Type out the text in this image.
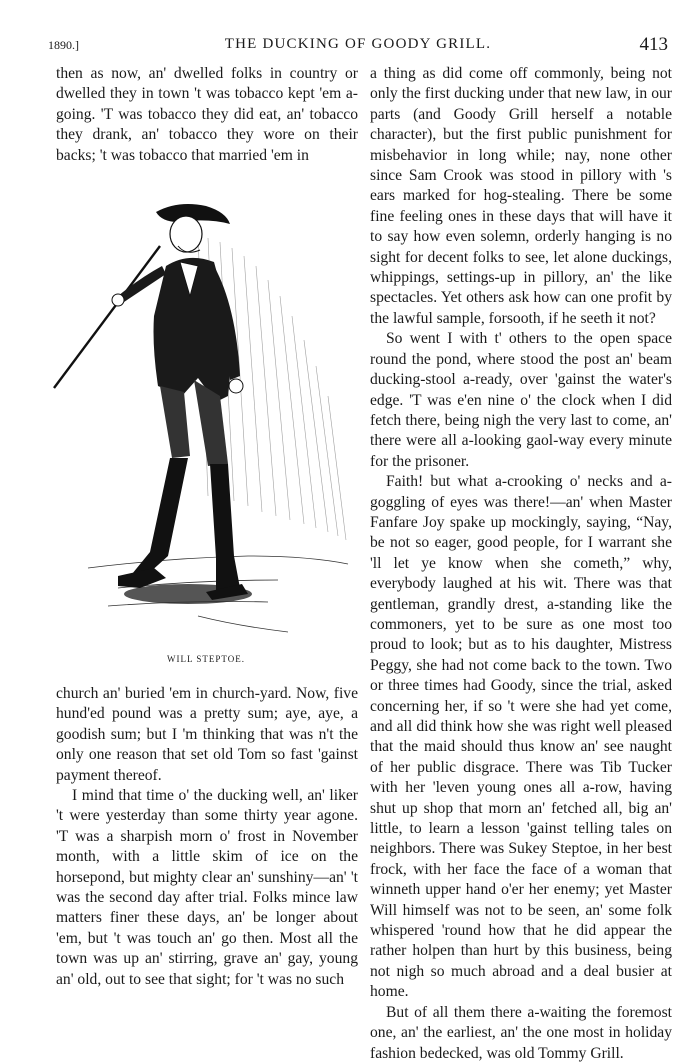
1890.]	THE DUCKING OF GOODY GRILL.	413

then as now, an' dwelled folks in country or dwelled they in town 't was tobacco kept 'em a-going. 'T was tobacco they did eat, an' tobacco they drank, an' tobacco they wore on their backs; 't was tobacco that married 'em in

WILL STEPTOE.

church an' buried 'em in church-yard. Now, five hund'ed pound was a pretty sum; aye, aye, a goodish sum; but I 'm thinking that was n't the only one reason that set old Tom so fast 'gainst payment thereof.

I mind that time o' the ducking well, an' liker 't were yesterday than some thirty year agone. 'T was a sharpish morn o' frost in November month, with a little skim of ice on the horsepond, but mighty clear an' sunshiny—an' 't was the second day after trial. Folks mince law matters finer these days, an' be longer about 'em, but 't was touch an' go then. Most all the town was up an' stirring, grave an' gay, young an' old, out to see that sight; for 't was no such

a thing as did come off commonly, being not only the first ducking under that new law, in our parts (and Goody Grill herself a notable character), but the first public punishment for misbehavior in long while; nay, none other since Sam Crook was stood in pillory with 's ears marked for hog-stealing. There be some fine feeling ones in these days that will have it to say how even solemn, orderly hanging is no sight for decent folks to see, let alone duckings, whippings, settings-up in pillory, an' the like spectacles. Yet others ask how can one profit by the lawful sample, forsooth, if he seeth it not?

So went I with t' others to the open space round the pond, where stood the post an' beam ducking-stool a-ready, over 'gainst the water's edge. 'T was e'en nine o' the clock when I did fetch there, being nigh the very last to come, an' there were all a-looking gaol-way every minute for the prisoner.

Faith! but what a-crooking o' necks and a-goggling of eyes was there!—an' when Master Fanfare Joy spake up mockingly, saying, “Nay, be not so eager, good people, for I warrant she 'll let ye know when she cometh,” why, everybody laughed at his wit. There was that gentleman, grandly drest, a-standing like the commoners, yet to be sure as one most too proud to look; but as to his daughter, Mistress Peggy, she had not come back to the town. Two or three times had Goody, since the trial, asked concerning her, if so 't were she had yet come, and all did think how she was right well pleased that the maid should thus know an' see naught of her public disgrace. There was Tib Tucker with her 'leven young ones all a-row, having shut up shop that morn an' fetched all, big an' little, to learn a lesson 'gainst telling tales on neighbors. There was Sukey Steptoe, in her best frock, with her face the face of a woman that winneth upper hand o'er her enemy; yet Master Will himself was not to be seen, an' some folk whispered 'round how that he did appear the rather holpen than hurt by this business, being not nigh so much abroad and a deal busier at home.

But of all them there a-waiting the foremost one, an' the earliest, an' the one most in holiday fashion bedecked, was old Tommy Grill.
